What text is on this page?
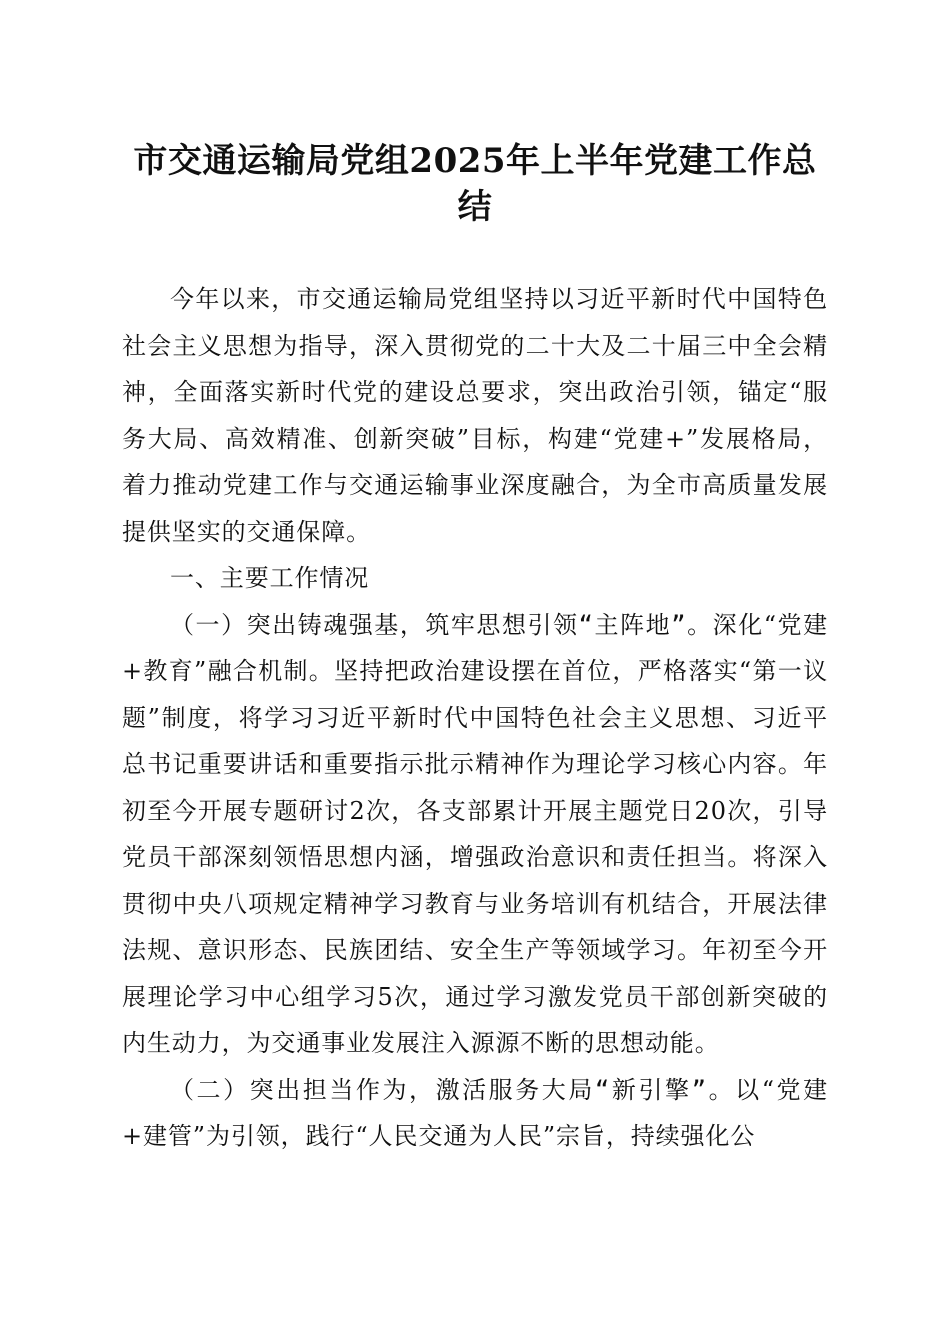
市交通运输局党组2025年上半年党建工作总结

今年以来，市交通运输局党组坚持以习近平新时代中国特色社会主义思想为指导，深入贯彻党的二十大及二十届三中全会精神，全面落实新时代党的建设总要求，突出政治引领，锚定“服务大局、高效精准、创新突破”目标，构建“党建+”发展格局，着力推动党建工作与交通运输事业深度融合，为全市高质量发展提供坚实的交通保障。

一、主要工作情况

（一）突出铸魂强基，筑牢思想引领“主阵地”。深化“党建+教育”融合机制。坚持把政治建设摆在首位，严格落实“第一议题”制度，将学习习近平新时代中国特色社会主义思想、习近平总书记重要讲话和重要指示批示精神作为理论学习核心内容。年初至今开展专题研讨2次，各支部累计开展主题党日20次，引导党员干部深刻领悟思想内涵，增强政治意识和责任担当。将深入贯彻中央八项规定精神学习教育与业务培训有机结合，开展法律法规、意识形态、民族团结、安全生产等领域学习。年初至今开展理论学习中心组学习5次，通过学习激发党员干部创新突破的内生动力，为交通事业发展注入源源不断的思想动能。

（二）突出担当作为，激活服务大局“新引擎”。以“党建+建管”为引领，践行“人民交通为人民”宗旨，持续强化公
